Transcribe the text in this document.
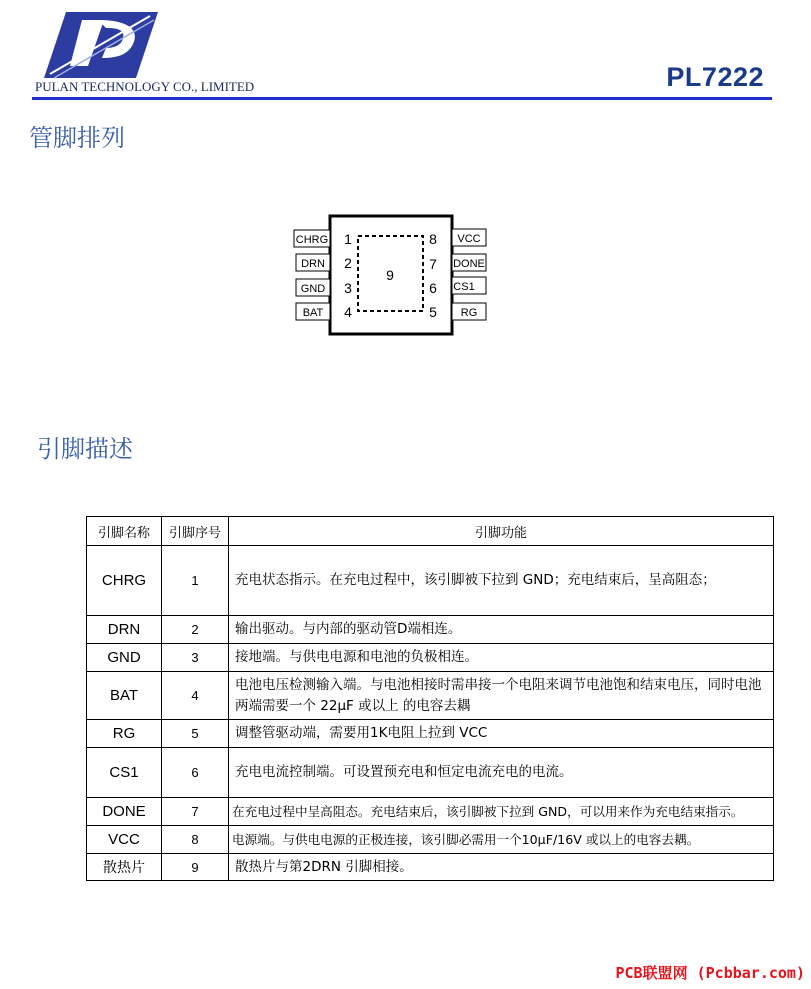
PULAN TECHNOLOGY CO., LIMITED	PL7222
管脚排列
9
CHRG 1
DRN 2
GND 3
BAT 4
VCC
8
DONE
7
CS1
6
RG
5
引脚描述
引脚名称	引脚序号	引脚功能
CHRG	1	充电状态指示。在充电过程中，该引脚被下拉到 GND；充电结束后，呈高阻态；
DRN	2	输出驱动。与内部的驱动管D端相连。
GND	3	接地端。与供电电源和电池的负极相连。
BAT	4	电池电压检测输入端。与电池相接时需串接一个电阻来调节电池饱和结束电压，同时电池两端需要一个 22μF 或以上 的电容去耦
RG	5	调整管驱动端，需要用1K电阻上拉到 VCC
CS1	6	充电电流控制端。可设置预充电和恒定电流充电的电流。
DONE	7	在充电过程中呈高阻态。充电结束后，该引脚被下拉到 GND，可以用来作为充电结束指示。
VCC	8	电源端。与供电电源的正极连接，该引脚必需用一个10μF/16V 或以上的电容去耦。
散热片	9	散热片与第2DRN 引脚相接。
PCB联盟网 (Pcbbar.com)
